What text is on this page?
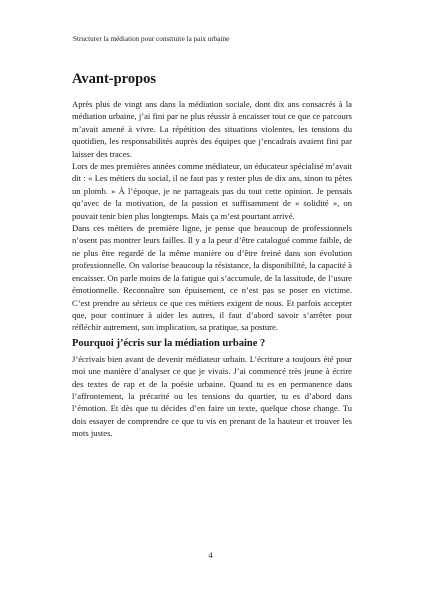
Structurer la médiation pour construire la paix urbaine
Avant-propos

Après plus de vingt ans dans la médiation sociale, dont dix ans consacrés à la médiation urbaine, j’ai fini par ne plus réussir à encaisser tout ce que ce parcours m’avait amené à vivre. La répétition des situations violentes, les tensions du quotidien, les responsabilités auprès des équipes que j’encadrais avaient fini par laisser des traces.

Lors de mes premières années comme médiateur, un éducateur spécialisé m’avait dit : « Les métiers du social, il ne faut pas y rester plus de dix ans, sinon tu pètes un plomb. » À l’époque, je ne partageais pas du tout cette opinion. Je pensais qu’avec de la motivation, de la passion et suffisamment de « solidité », on pouvait tenir bien plus longtemps. Mais ça m’est pourtant arrivé.

Dans ces métiers de première ligne, je pense que beaucoup de professionnels n’osent pas montrer leurs failles. Il y a la peur d’être catalogué comme faible, de ne plus être regardé de la même manière ou d’être freiné dans son évolution professionnelle. On valorise beaucoup la résistance, la disponibilité, la capacité à encaisser. On parle moins de la fatigue qui s’accumule, de la lassitude, de l’usure émotionnelle. Reconnaître son épuisement, ce n’est pas se poser en victime. C’est prendre au sérieux ce que ces métiers exigent de nous. Et parfois accepter que, pour continuer à aider les autres, il faut d’abord savoir s’arrêter pour réfléchir autrement, son implication, sa pratique, sa posture.

Pourquoi j’écris sur la médiation urbaine ?

J’écrivais bien avant de devenir médiateur urbain. L’écriture a toujours été pour moi une manière d’analyser ce que je vivais. J’ai commencé très jeune à écrire des textes de rap et de la poésie urbaine. Quand tu es en permanence dans l’affrontement, la précarité ou les tensions du quartier, tu es d’abord dans l’émotion. Et dès que tu décides d’en faire un texte, quelque chose change. Tu dois essayer de comprendre ce que tu vis en prenant de la hauteur et trouver les mots justes.

4
